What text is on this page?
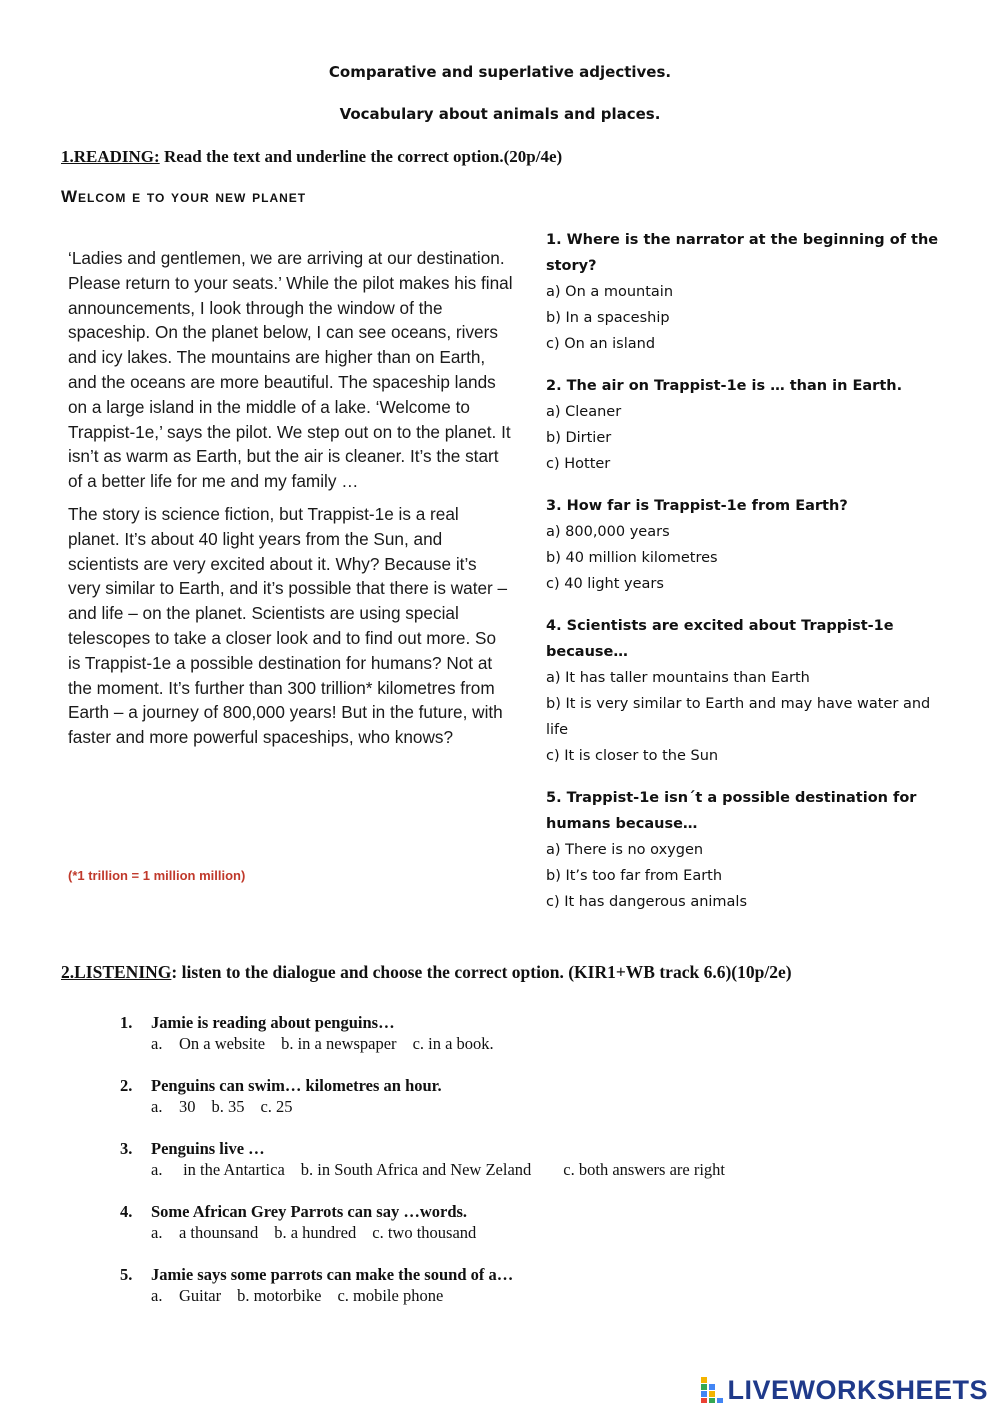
Comparative and superlative adjectives.
Vocabulary about animals and places.
1.READING: Read the text and underline the correct option.(20p/4e)
Welcom e to your new planet

‘Ladies and gentlemen, we are arriving at our destination. Please return to your seats.’ While the pilot makes his final announcements, I look through the window of the spaceship. On the planet below, I can see oceans, rivers and icy lakes. The mountains are higher than on Earth, and the oceans are more beautiful. The spaceship lands on a large island in the middle of a lake. ‘Welcome to Trappist-1e,’ says the pilot. We step out on to the planet. It isn’t as warm as Earth, but the air is cleaner. It’s the start of a better life for me and my family …

The story is science fiction, but Trappist-1e is a real planet. It’s about 40 light years from the Sun, and scientists are very excited about it. Why? Because it’s very similar to Earth, and it’s possible that there is water – and life – on the planet. Scientists are using special telescopes to take a closer look and to find out more. So is Trappist-1e a possible destination for humans? Not at the moment. It’s further than 300 trillion* kilometres from Earth – a journey of 800,000 years! But in the future, with faster and more powerful spaceships, who knows?

(*1 trillion = 1 million million)
1. Where is the narrator at the beginning of the story?
a) On a mountain
b) In a spaceship
c) On an island
2. The air on Trappist-1e is … than in Earth.
a) Cleaner
b) Dirtier
c) Hotter
3. How far is Trappist-1e from Earth?
a) 800,000 years
b) 40 million kilometres
c) 40 light years
4. Scientists are excited about Trappist-1e because…
a) It has taller mountains than Earth
b) It is very similar to Earth and may have water and life
c) It is closer to the Sun
5. Trappist-1e isn´t a possible destination for humans because…
a) There is no oxygen
b) It’s too far from Earth
c) It has dangerous animals
2.LISTENING: listen to the dialogue and choose the correct option. (KIR1+WB track 6.6)(10p/2e)
1. Jamie is reading about penguins…
a.    On a website b. in a newspaper c. in a book.
2. Penguins can swim… kilometres an hour.
a.    30 b. 35 c. 25
3. Penguins live …
a.     in the Antartica b. in South Africa and New Zeland c. both answers are right
4. Some African Grey Parrots can say …words.
a.    a thounsand b. a hundred c. two thousand
5. Jamie says some parrots can make the sound of a…
a.    Guitar b. motorbike c. mobile phone
LIVEWORKSHEETS
